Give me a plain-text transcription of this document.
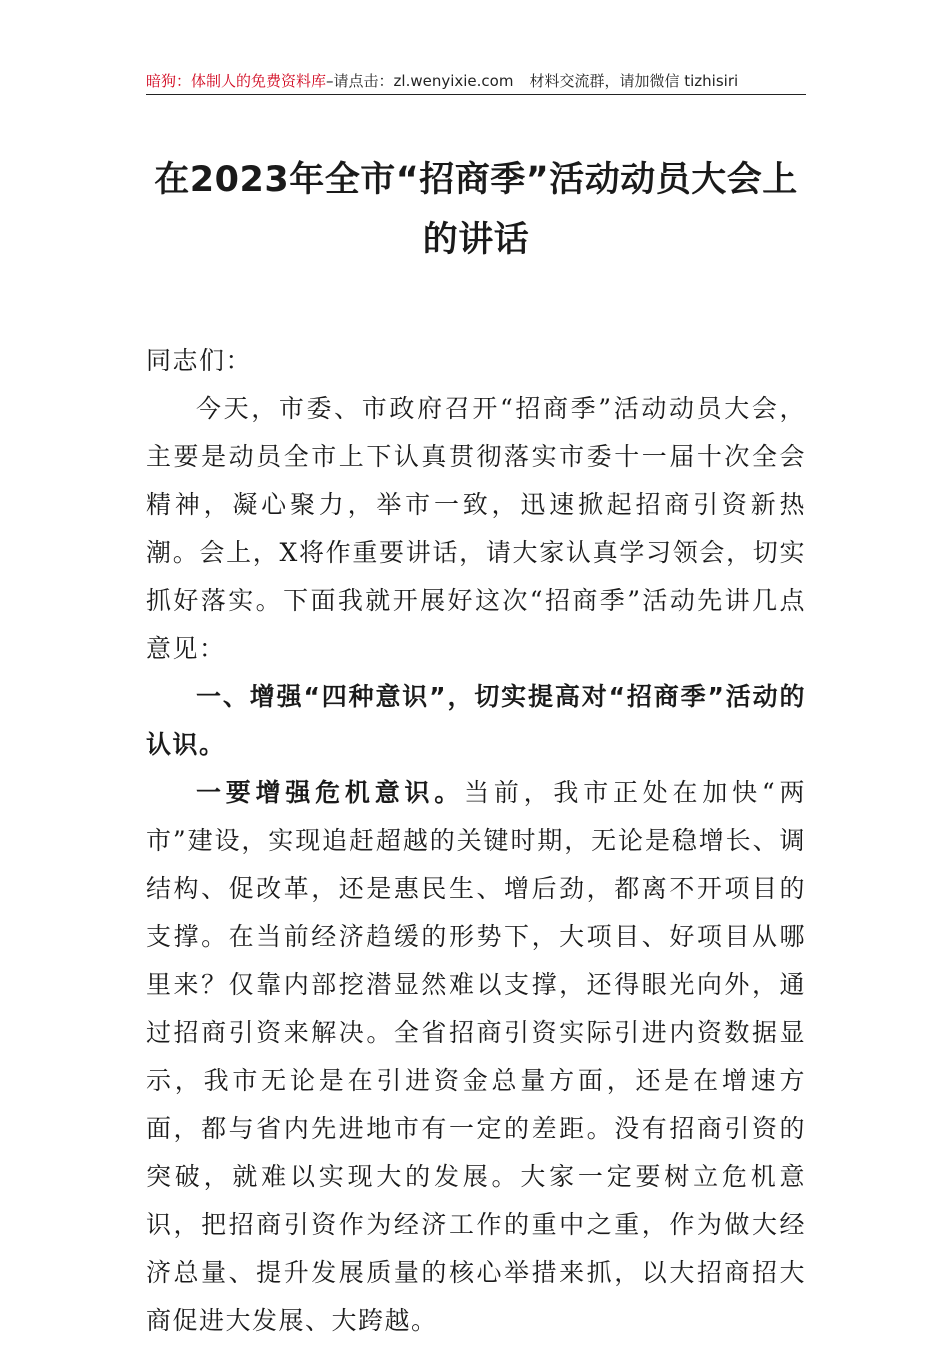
暗狗：体制人的免费资料库–请点击：zl.wenyixie.com 材料交流群，请加微信 tizhisiri
在2023年全市“招商季”活动动员大会上
的讲话

同志们：

今天，市委、市政府召开“招商季”活动动员大会，主要是动员全市上下认真贯彻落实市委十一届十次全会精神，凝心聚力，举市一致，迅速掀起招商引资新热潮。会上，X将作重要讲话，请大家认真学习领会，切实抓好落实。下面我就开展好这次“招商季”活动先讲几点意见：

一、增强“四种意识”，切实提高对“招商季”活动的认识。

一要增强危机意识。当前，我市正处在加快“两市”建设，实现追赶超越的关键时期，无论是稳增长、调结构、促改革，还是惠民生、增后劲，都离不开项目的支撑。在当前经济趋缓的形势下，大项目、好项目从哪里来？仅靠内部挖潜显然难以支撑，还得眼光向外，通过招商引资来解决。全省招商引资实际引进内资数据显示，我市无论是在引进资金总量方面，还是在增速方面，都与省内先进地市有一定的差距。没有招商引资的突破，就难以实现大的发展。大家一定要树立危机意识，把招商引资作为经济工作的重中之重，作为做大经济总量、提升发展质量的核心举措来抓，以大招商招大商促进大发展、大跨越。
